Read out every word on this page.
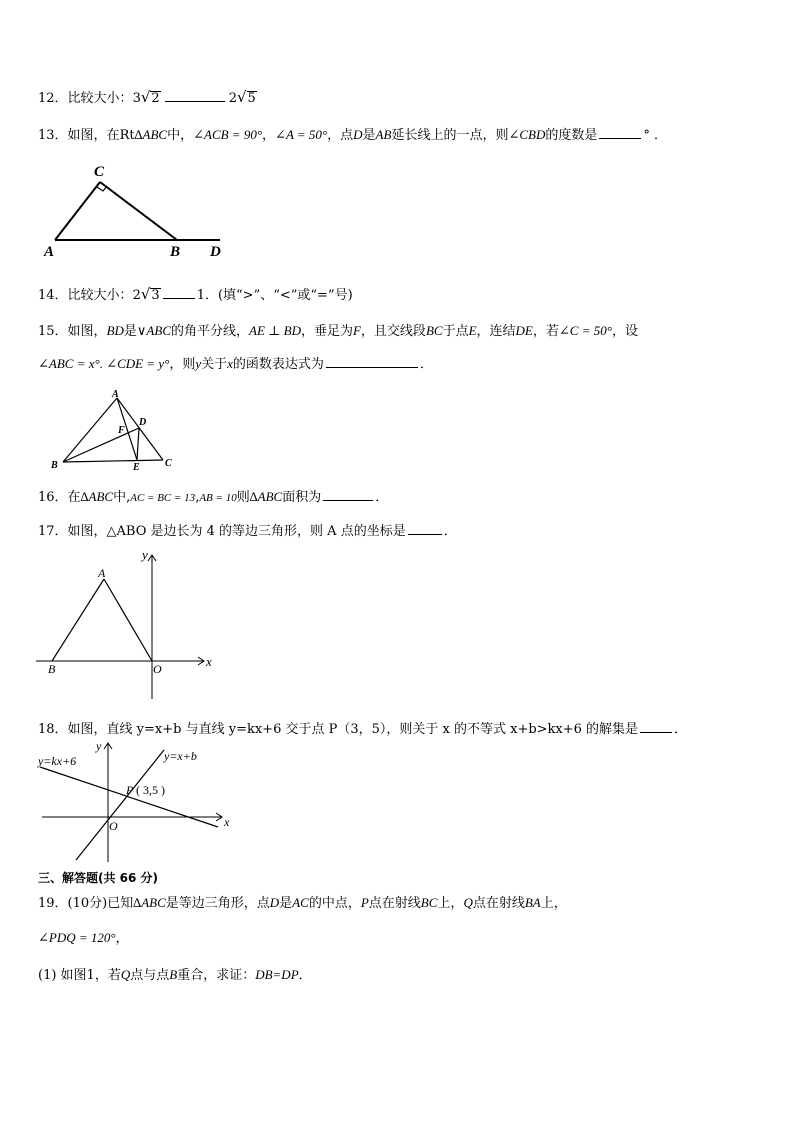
12．比较大小：3√2	2√5
13．如图，在Rt∆ABC中，∠ACB = 90°，∠A = 50°，点D是AB延长线上的一点，则∠CBD的度数是	° ．
C
A	B D
14．比较大小：2√3	1．(填“>”、“<”或“=”号)
15．如图，BD是∨ABC的角平分线，AE ⊥ BD，垂足为F，且交线段BC于点E，连结DE，若∠C = 50°，设
∠ABC = x°. ∠CDE = y°，则y关于x的函数表达式为	．
A
D
F
B	E	C
16．在∆ABC中,AC = BC = 13,AB = 10则∆ABC面积为	．
17．如图，△ABO 是边长为 4 的等边三角形，则 A 点的坐标是	．
y
A
B	O	x
18．如图，直线 y=x+b 与直线 y=kx+6 交于点 P（3，5），则关于 x 的不等式 x+b>kx+6 的解集是	．
y
y=kx+6	y=x+b
P ( 3,5 )
O	x
三、解答题(共 66 分)
19．(10分)已知∆ABC是等边三角形，点D是AC的中点，P点在射线BC上，Q点在射线BA上，
∠PDQ = 120°，
(1) 如图1，若Q点与点B重合，求证：DB=DP．
